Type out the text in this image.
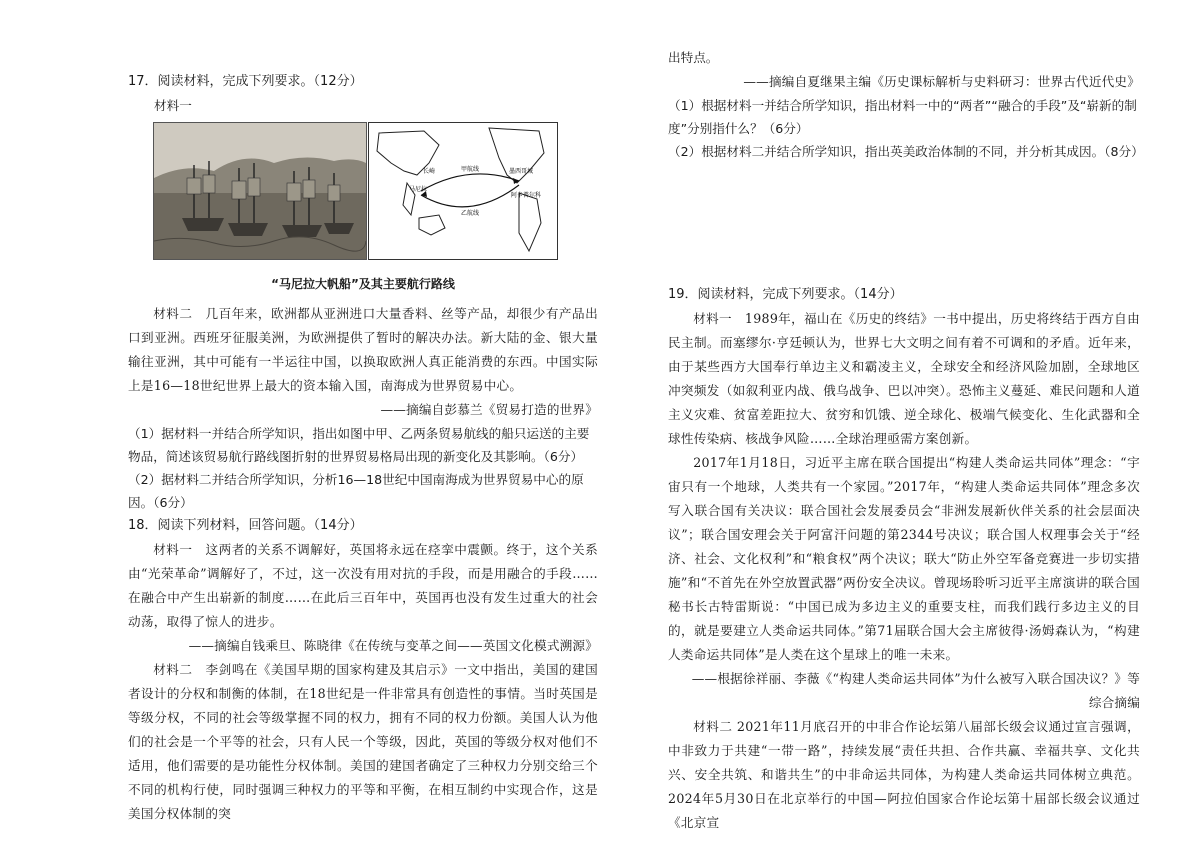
17．阅读材料，完成下列要求。（12分）
材料一
长崎	甲航线	墨西哥城
马尼拉
乙航线
阿卡普尔科
“马尼拉大帆船”及其主要航行路线
材料二　几百年来，欧洲都从亚洲进口大量香料、丝等产品，却很少有产品出口到亚洲。西班牙征服美洲，为欧洲提供了暂时的解决办法。新大陆的金、银大量输往亚洲，其中可能有一半运往中国，以换取欧洲人真正能消费的东西。中国实际上是16—18世纪世界上最大的资本输入国，南海成为世界贸易中心。
——摘编自彭慕兰《贸易打造的世界》
（1）据材料一并结合所学知识，指出如图中甲、乙两条贸易航线的船只运送的主要物品，简述该贸易航行路线图折射的世界贸易格局出现的新变化及其影响。（6分）
（2）据材料二并结合所学知识，分析16—18世纪中国南海成为世界贸易中心的原因。（6分）
18．阅读下列材料，回答问题。（14分）
材料一　这两者的关系不调解好，英国将永远在痉挛中震颤。终于，这个关系由“光荣革命”调解好了，不过，这一次没有用对抗的手段，而是用融合的手段……在融合中产生出崭新的制度……在此后三百年中，英国再也没有发生过重大的社会动荡，取得了惊人的进步。
——摘编自钱乘旦、陈晓律《在传统与变革之间——英国文化模式溯源》
材料二　李剑鸣在《美国早期的国家构建及其启示》一文中指出，美国的建国者设计的分权和制衡的体制，在18世纪是一件非常具有创造性的事情。当时英国是等级分权，不同的社会等级掌握不同的权力，拥有不同的权力份额。美国人认为他们的社会是一个平等的社会，只有人民一个等级，因此，英国的等级分权对他们不适用，他们需要的是功能性分权体制。美国的建国者确定了三种权力分别交给三个不同的机构行使，同时强调三种权力的平等和平衡，在相互制约中实现合作，这是美国分权体制的突
出特点。
——摘编自夏继果主编《历史课标解析与史料研习：世界古代近代史》
（1）根据材料一并结合所学知识，指出材料一中的“两者”“融合的手段”及“崭新的制度”分别指什么？（6分）
（2）根据材料二并结合所学知识，指出英美政治体制的不同，并分析其成因。（8分）
19．阅读材料，完成下列要求。（14分）
材料一　1989年，福山在《历史的终结》一书中提出，历史将终结于西方自由民主制。而塞缪尔·亨廷顿认为，世界七大文明之间有着不可调和的矛盾。近年来，由于某些西方大国奉行单边主义和霸凌主义，全球安全和经济风险加剧，全球地区冲突频发（如叙利亚内战、俄乌战争、巴以冲突）。恐怖主义蔓延、难民问题和人道主义灾难、贫富差距拉大、贫穷和饥饿、逆全球化、极端气候变化、生化武器和全球性传染病、核战争风险……全球治理亟需方案创新。
2017年1月18日，习近平主席在联合国提出“构建人类命运共同体”理念：“宇宙只有一个地球，人类共有一个家园。”2017年，“构建人类命运共同体”理念多次写入联合国有关决议：联合国社会发展委员会“非洲发展新伙伴关系的社会层面决议”；联合国安理会关于阿富汗问题的第2344号决议；联合国人权理事会关于“经济、社会、文化权利”和“粮食权”两个决议；联大“防止外空军备竞赛进一步切实措施”和“不首先在外空放置武器”两份安全决议。曾现场聆听习近平主席演讲的联合国秘书长古特雷斯说：“中国已成为多边主义的重要支柱，而我们践行多边主义的目的，就是要建立人类命运共同体。”第71届联合国大会主席彼得·汤姆森认为，“构建人类命运共同体”是人类在这个星球上的唯一未来。
——根据徐祥丽、李薇《“构建人类命运共同体”为什么被写入联合国决议？》等
综合摘编
材料二 2021年11月底召开的中非合作论坛第八届部长级会议通过宣言强调，中非致力于共建“一带一路”，持续发展“责任共担、合作共赢、幸福共享、文化共兴、安全共筑、和谐共生”的中非命运共同体，为构建人类命运共同体树立典范。2024年5月30日在北京举行的中国—阿拉伯国家合作论坛第十届部长级会议通过《北京宣
